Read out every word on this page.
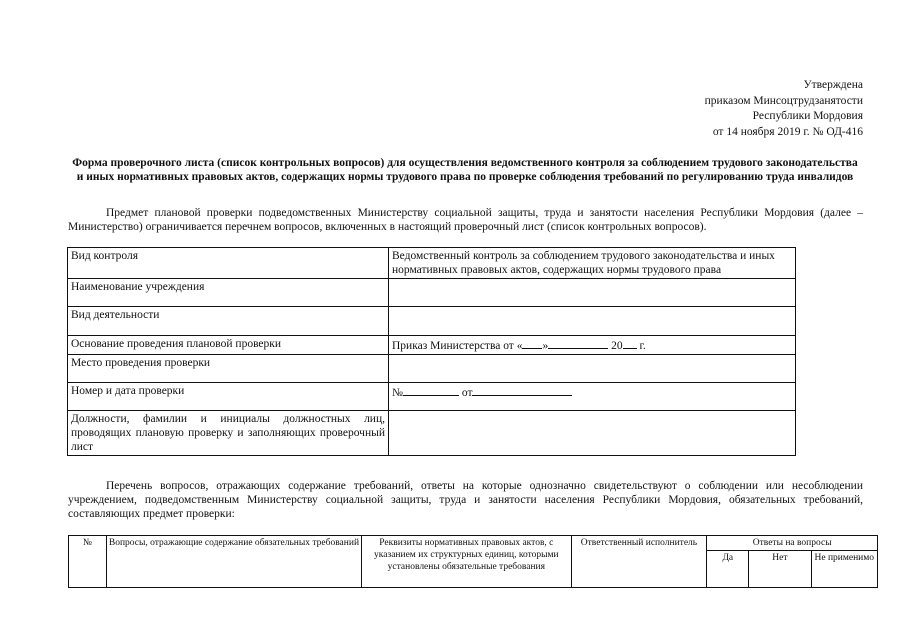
Утверждена
приказом Минсоцтрудзанятости
Республики Мордовия
от 14 ноября 2019 г. № ОД-416
Форма проверочного листа (список контрольных вопросов) для осуществления ведомственного контроля за соблюдением трудового законодательства и иных нормативных правовых актов, содержащих нормы трудового права по проверке соблюдения требований по регулированию труда инвалидов
Предмет плановой проверки подведомственных Министерству социальной защиты, труда и занятости населения Республики Мордовия (далее – Министерство) ограничивается перечнем вопросов, включенных в настоящий проверочный лист (список контрольных вопросов).
Вид контроля	Ведомственный контроль за соблюдением трудового законодательства и иных нормативных правовых актов, содержащих нормы трудового права
Наименование учреждения	
Вид деятельности	
Основание проведения плановой проверки	Приказ Министерства от « » 20 г.
Место проведения проверки	
Номер и дата проверки	№ от
Должности, фамилии и инициалы должностных лиц, проводящих плановую проверку и заполняющих проверочный лист	
Перечень вопросов, отражающих содержание требований, ответы на которые однозначно свидетельствуют о соблюдении или несоблюдении учреждением, подведомственным Министерству социальной защиты, труда и занятости населения Республики Мордовия, обязательных требований, составляющих предмет проверки:
№	Вопросы, отражающие содержание обязательных требований	Реквизиты нормативных правовых актов, с указанием их структурных единиц, которыми установлены обязательные требования	Ответственный исполнитель	Ответы на вопросы		
				Да	Нет	Не применимо
